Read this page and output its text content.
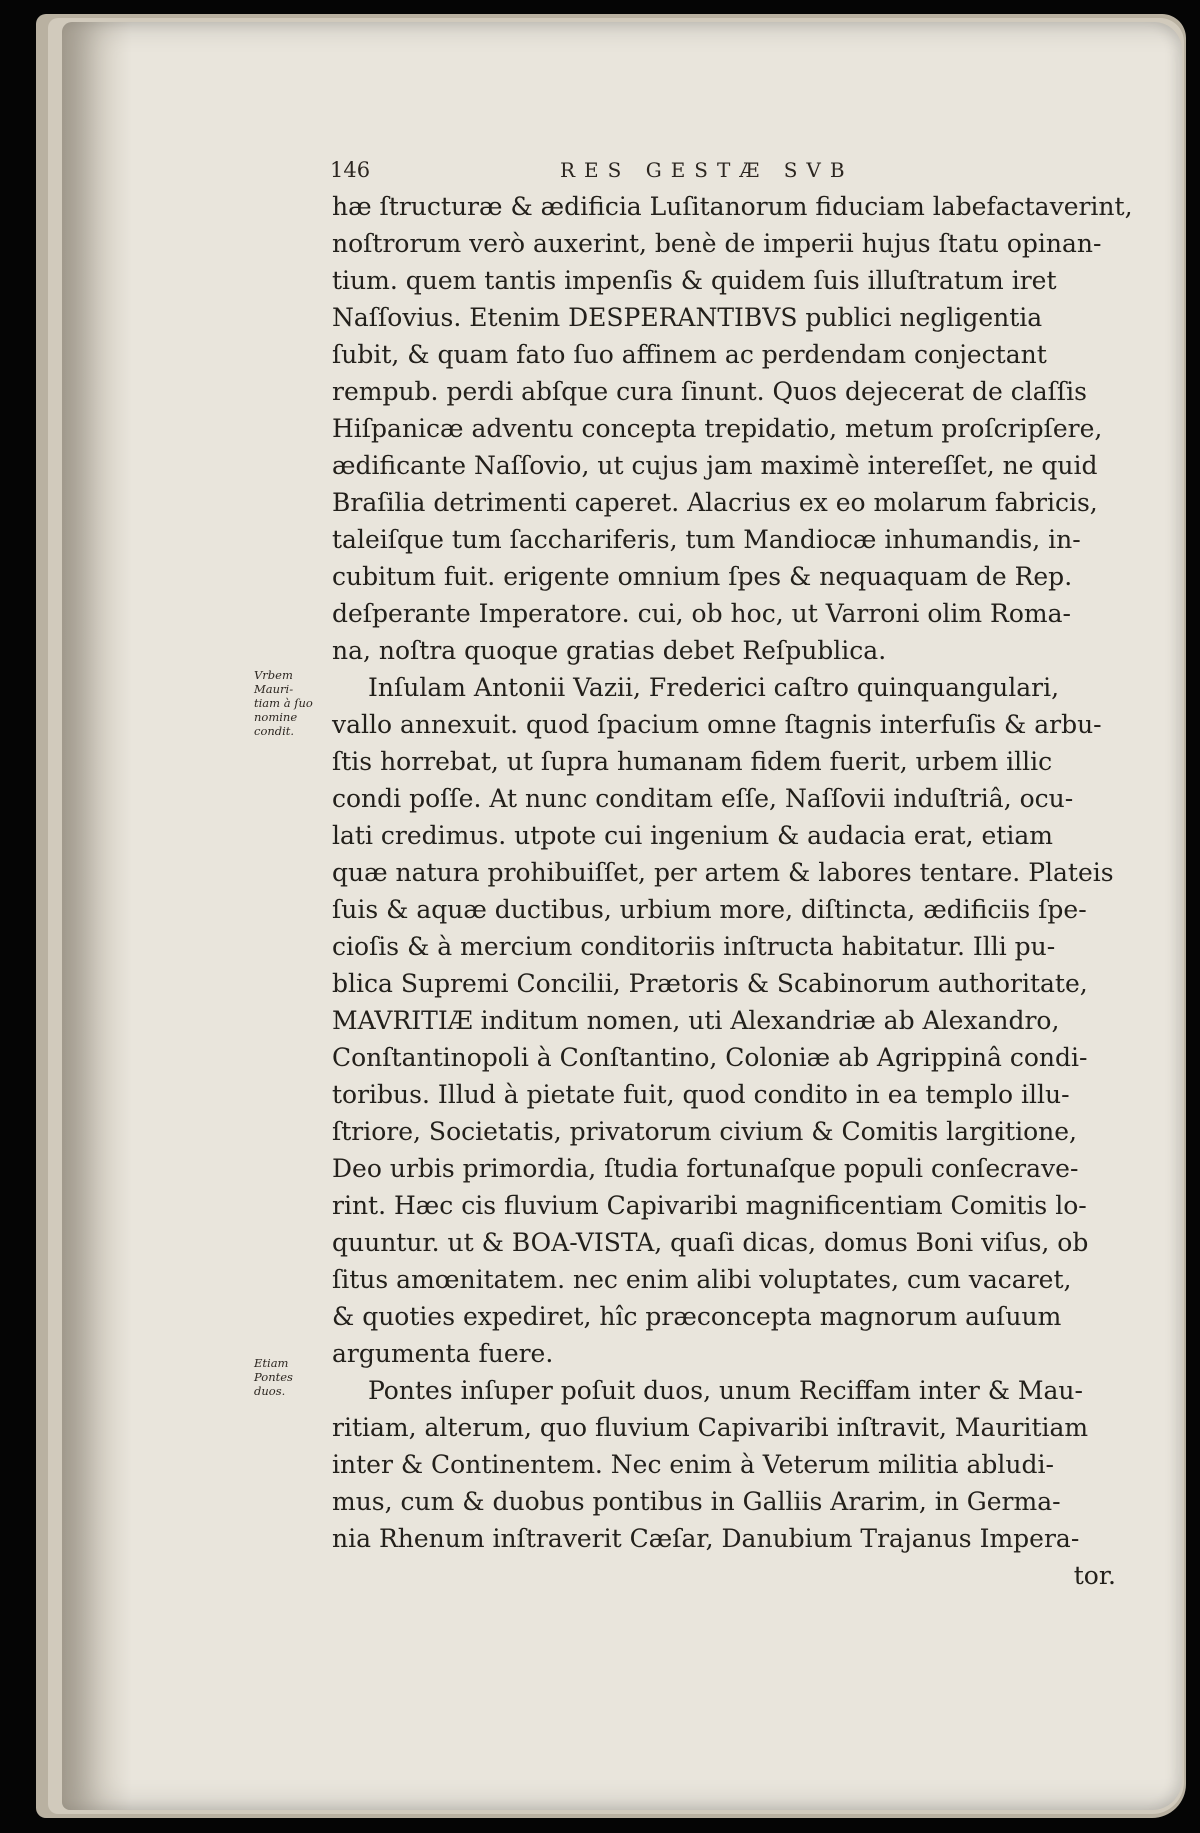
146	RES GESTÆ SVB

hæ ſtructuræ & ædificia Luſitanorum fiduciam labefactaverint,
noſtrorum verò auxerint, benè de imperii hujus ſtatu opinan-
tium. quem tantis impenſis & quidem ſuis illuſtratum iret
Naſſovius. Etenim DESPERANTIBVS publici negligentia
ſubit, & quam fato ſuo affinem ac perdendam conjectant
rempub. perdi abſque cura ſinunt. Quos dejecerat de claſſis
Hiſpanicæ adventu concepta trepidatio, metum proſcripſere,
ædificante Naſſovio, ut cujus jam maximè intereſſet, ne quid
Braſilia detrimenti caperet. Alacrius ex eo molarum fabricis,
taleiſque tum ſacchariferis, tum Mandiocæ inhumandis, in-
cubitum fuit. erigente omnium ſpes & nequaquam de Rep.
deſperante Imperatore. cui, ob hoc, ut Varroni olim Roma-
na, noſtra quoque gratias debet Reſpublica.

Inſulam Antonii Vazii, Frederici caſtro quinquangulari,
vallo annexuit. quod ſpacium omne ſtagnis interfuſis & arbu-
ſtis horrebat, ut ſupra humanam fidem fuerit, urbem illic
condi poſſe. At nunc conditam eſſe, Naſſovii induſtriâ, ocu-
lati credimus. utpote cui ingenium & audacia erat, etiam
quæ natura prohibuiſſet, per artem & labores tentare. Plateis
ſuis & aquæ ductibus, urbium more, diſtincta, ædificiis ſpe-
cioſis & à mercium conditoriis inſtructa habitatur. Illi pu-
blica Supremi Concilii, Prætoris & Scabinorum authoritate,
MAVRITIÆ inditum nomen, uti Alexandriæ ab Alexandro,
Conſtantinopoli à Conſtantino, Coloniæ ab Agrippinâ condi-
toribus. Illud à pietate fuit, quod condito in ea templo illu-
ſtriore, Societatis, privatorum civium & Comitis largitione,
Deo urbis primordia, ſtudia fortunaſque populi conſecrave-
rint. Hæc cis fluvium Capivaribi magnificentiam Comitis lo-
quuntur. ut & BOA-VISTA, quaſi dicas, domus Boni viſus, ob
ſitus amœnitatem. nec enim alibi voluptates, cum vacaret,
& quoties expediret, hîc præconcepta magnorum auſuum
argumenta fuere.

Pontes inſuper poſuit duos, unum Reciffam inter & Mau-
ritiam, alterum, quo fluvium Capivaribi inſtravit, Mauritiam
inter & Continentem. Nec enim à Veterum militia abludi-
mus, cum & duobus pontibus in Galliis Ararim, in Germa-
nia Rhenum inſtraverit Cæſar, Danubium Trajanus Impera-
tor.

Vrbem
Mauri-
tiam à ſuo
nomine
condit.
Etiam
Pontes
duos.
